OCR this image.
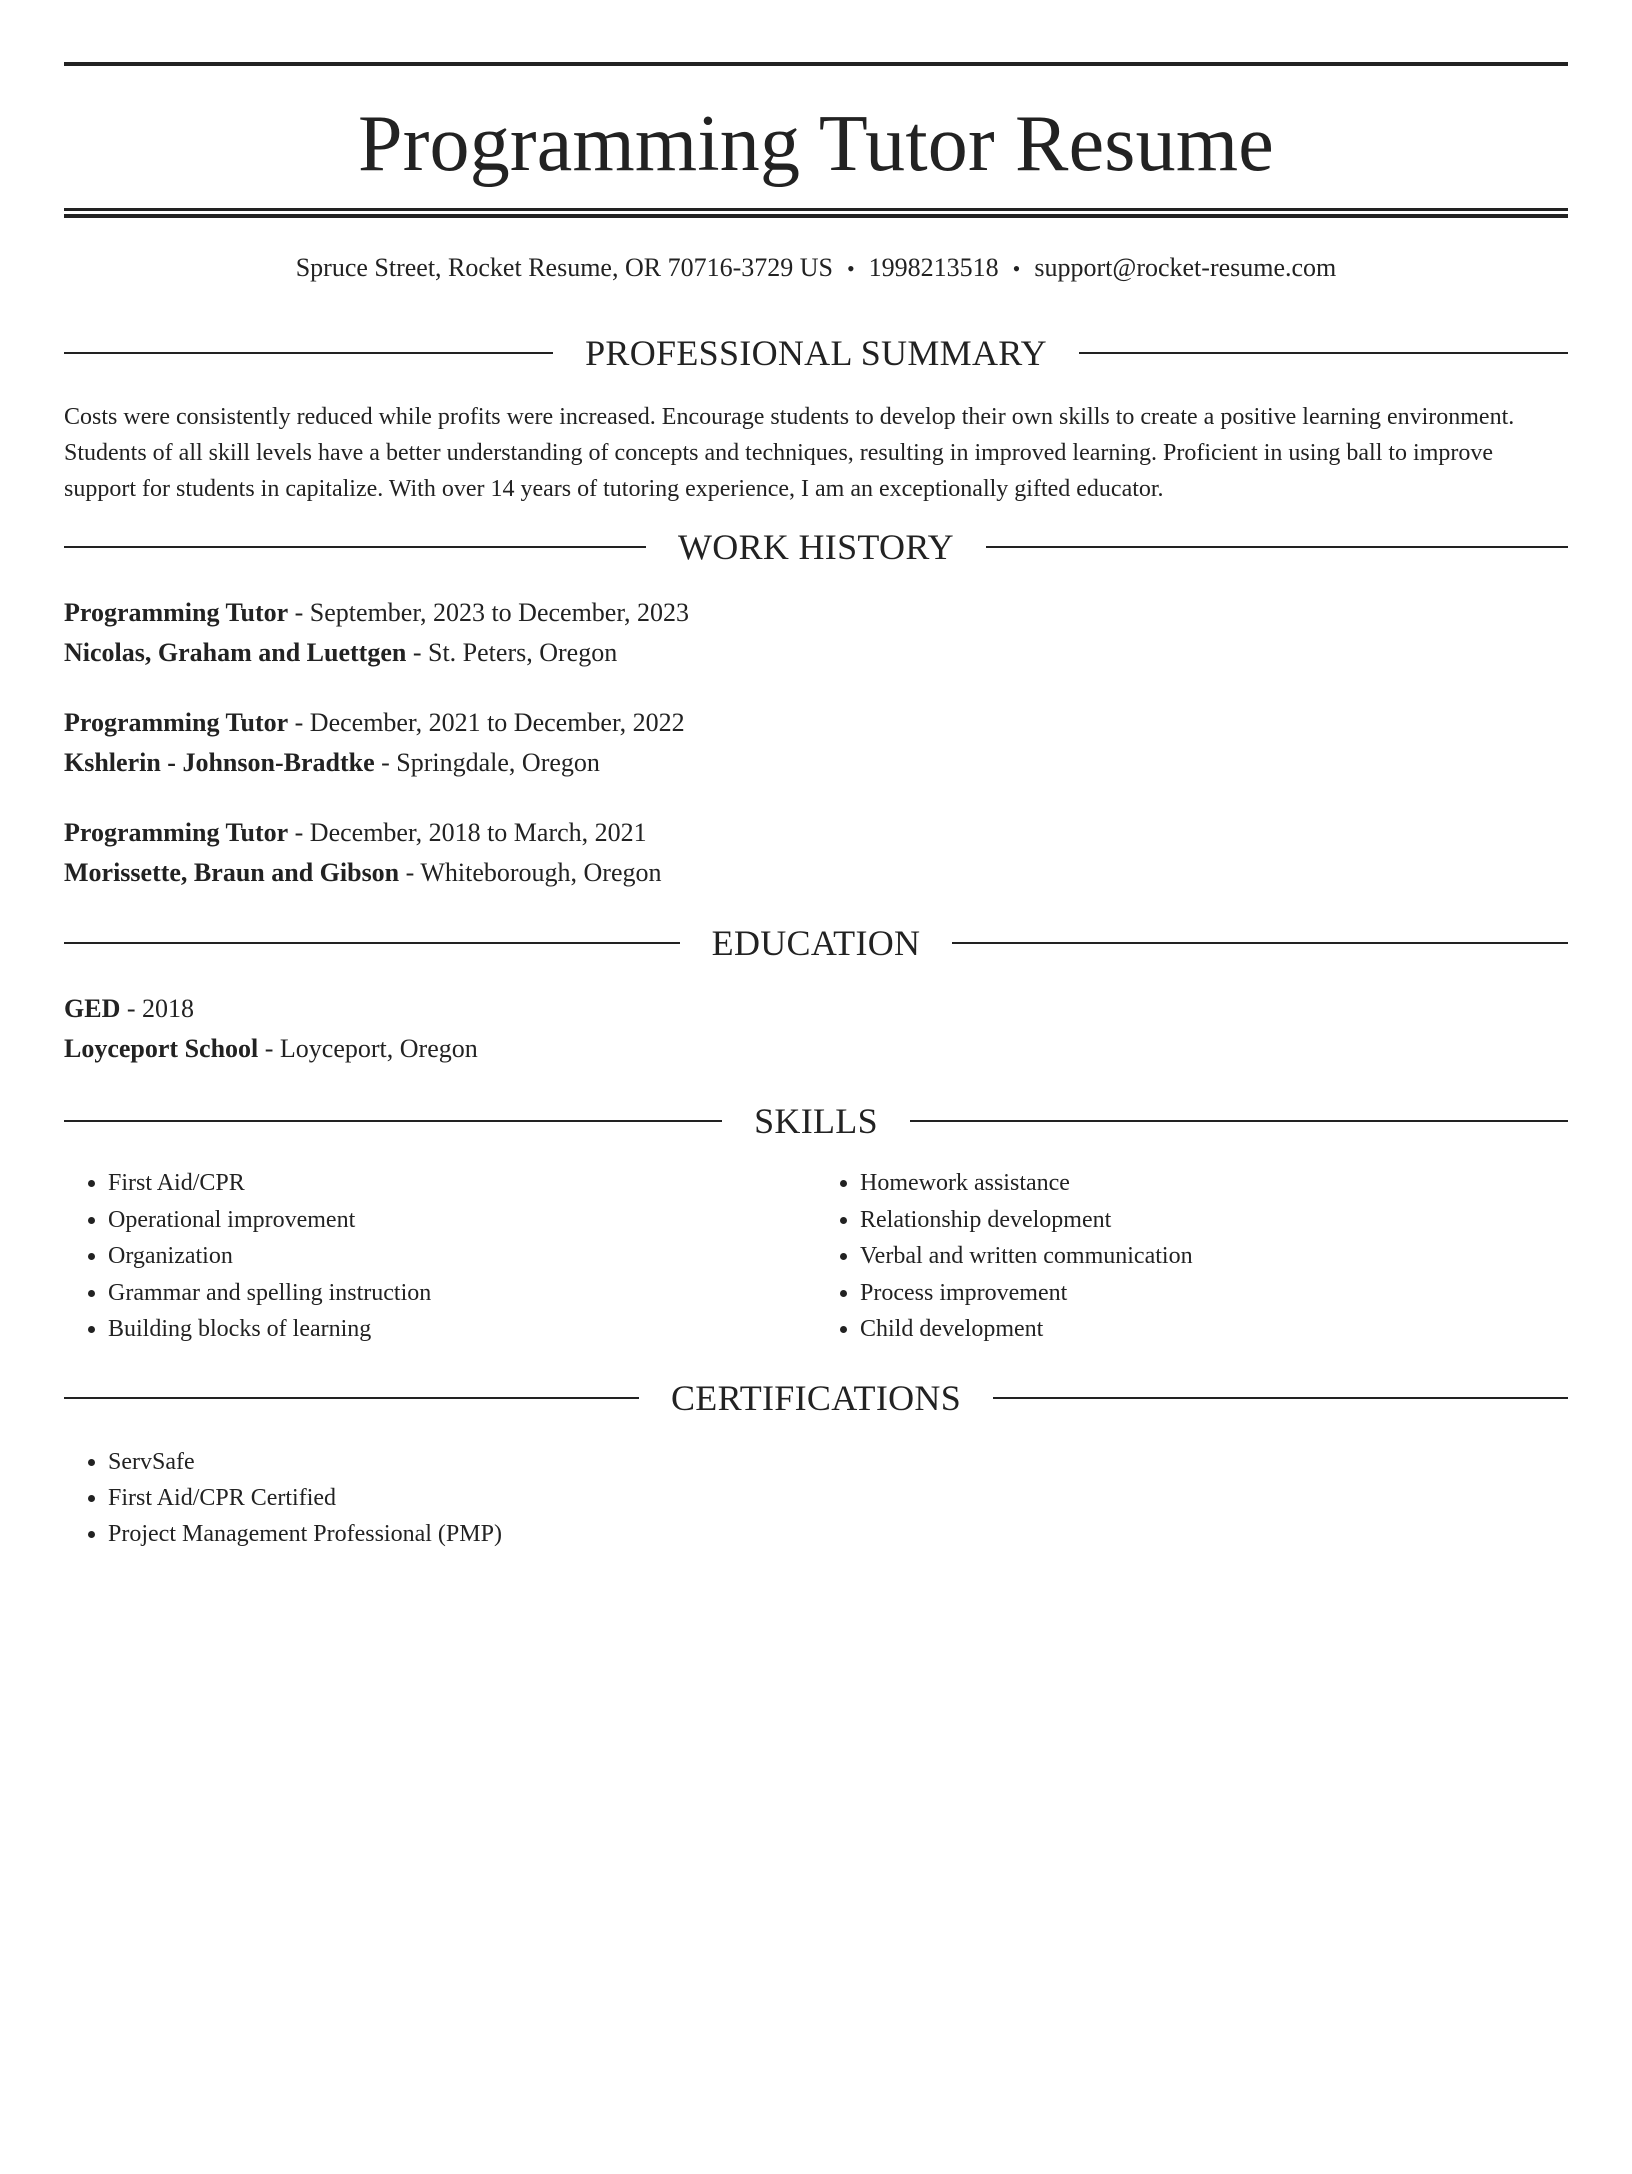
Programming Tutor Resume
Spruce Street, Rocket Resume, OR 70716-3729 US • 1998213518 • support@rocket-resume.com
PROFESSIONAL SUMMARY
Costs were consistently reduced while profits were increased. Encourage students to develop their own skills to create a positive learning environment. Students of all skill levels have a better understanding of concepts and techniques, resulting in improved learning. Proficient in using ball to improve support for students in capitalize. With over 14 years of tutoring experience, I am an exceptionally gifted educator.
WORK HISTORY
Programming Tutor - September, 2023 to December, 2023
Nicolas, Graham and Luettgen - St. Peters, Oregon
Programming Tutor - December, 2021 to December, 2022
Kshlerin - Johnson-Bradtke - Springdale, Oregon
Programming Tutor - December, 2018 to March, 2021
Morissette, Braun and Gibson - Whiteborough, Oregon
EDUCATION
GED - 2018
Loyceport School - Loyceport, Oregon
SKILLS
• First Aid/CPR
• Operational improvement
• Organization
• Grammar and spelling instruction
• Building blocks of learning
• Homework assistance
• Relationship development
• Verbal and written communication
• Process improvement
• Child development
CERTIFICATIONS
• ServSafe
• First Aid/CPR Certified
• Project Management Professional (PMP)
